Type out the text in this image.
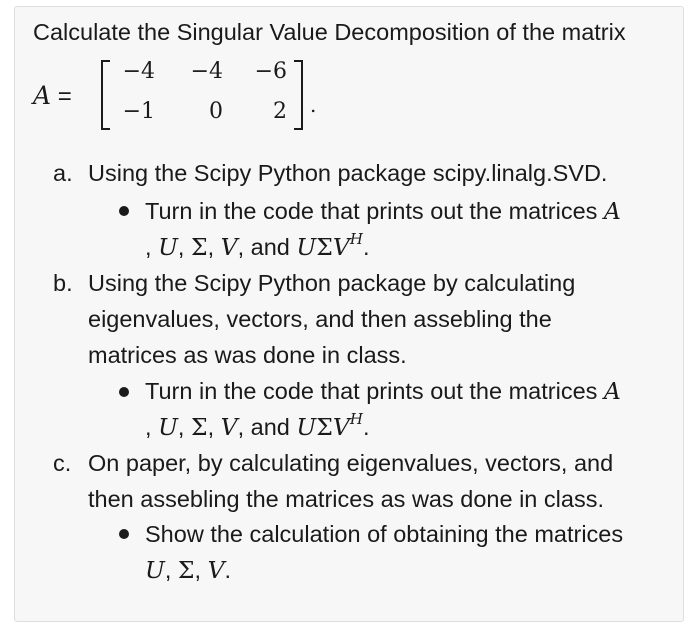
Calculate the Singular Value Decomposition of the matrix
A =
−4	−4	−6
−1	0	2 .
a. Using the Scipy Python package scipy.linalg.SVD.
Turn in the code that prints out the matrices A
, U, Σ, V, and $U\Sigma V^H$.
b. Using the Scipy Python package by calculating
eigenvalues, vectors, and then assebling the
matrices as was done in class.
Turn in the code that prints out the matrices A
, U, Σ, V, and $U\Sigma V^H$.
c. On paper, by calculating eigenvalues, vectors, and
then assebling the matrices as was done in class.
Show the calculation of obtaining the matrices
U, Σ, V.
